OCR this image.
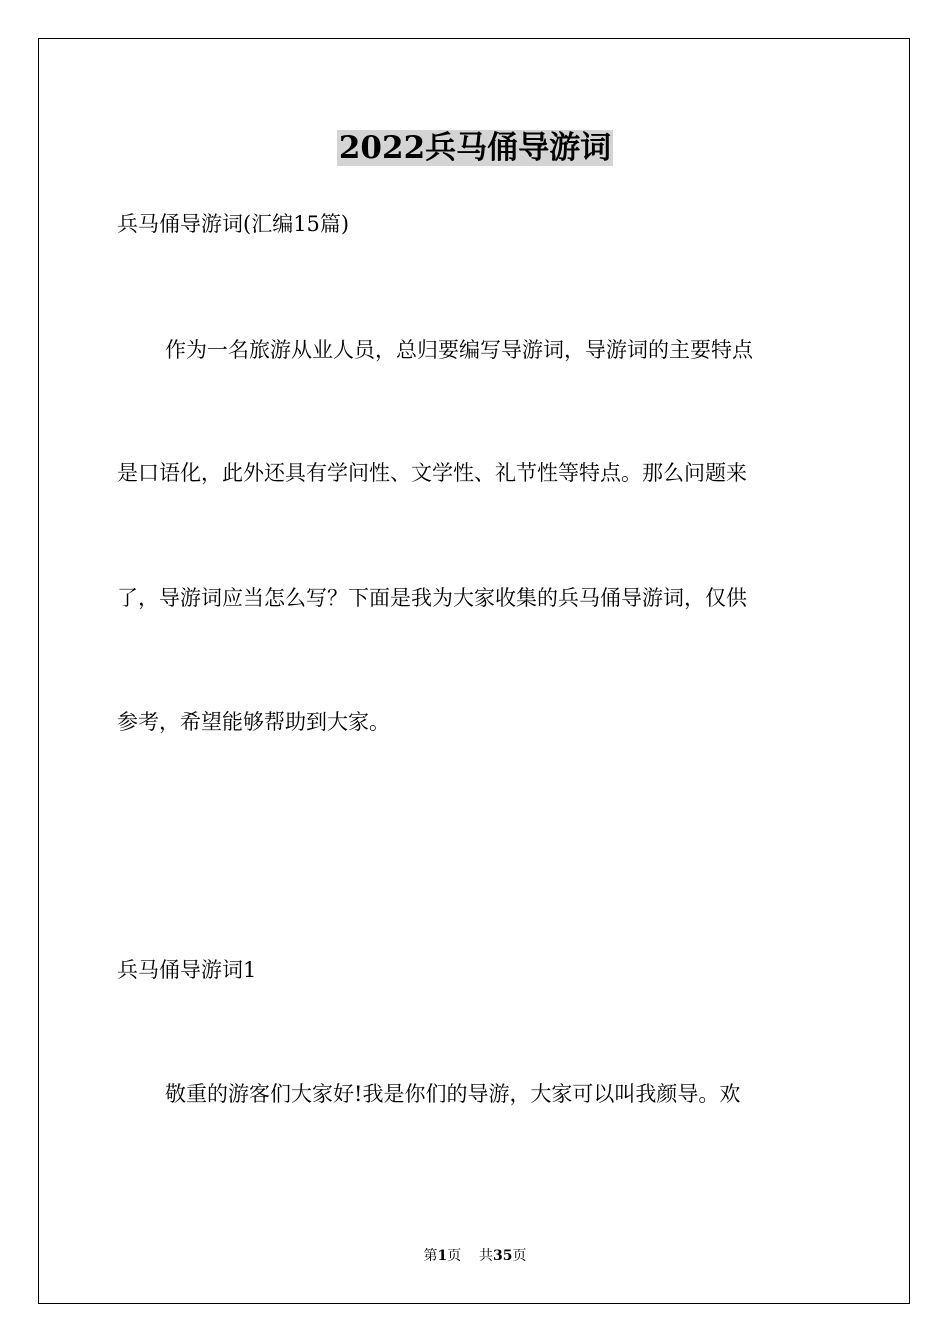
2022兵马俑导游词
兵马俑导游词(汇编15篇)
作为一名旅游从业人员，总归要编写导游词，导游词的主要特点
是口语化，此外还具有学问性、文学性、礼节性等特点。那么问题来
了，导游词应当怎么写？下面是我为大家收集的兵马俑导游词，仅供
参考，希望能够帮助到大家。
兵马俑导游词1
敬重的游客们大家好!我是你们的导游，大家可以叫我颜导。欢
第1页 共35页
